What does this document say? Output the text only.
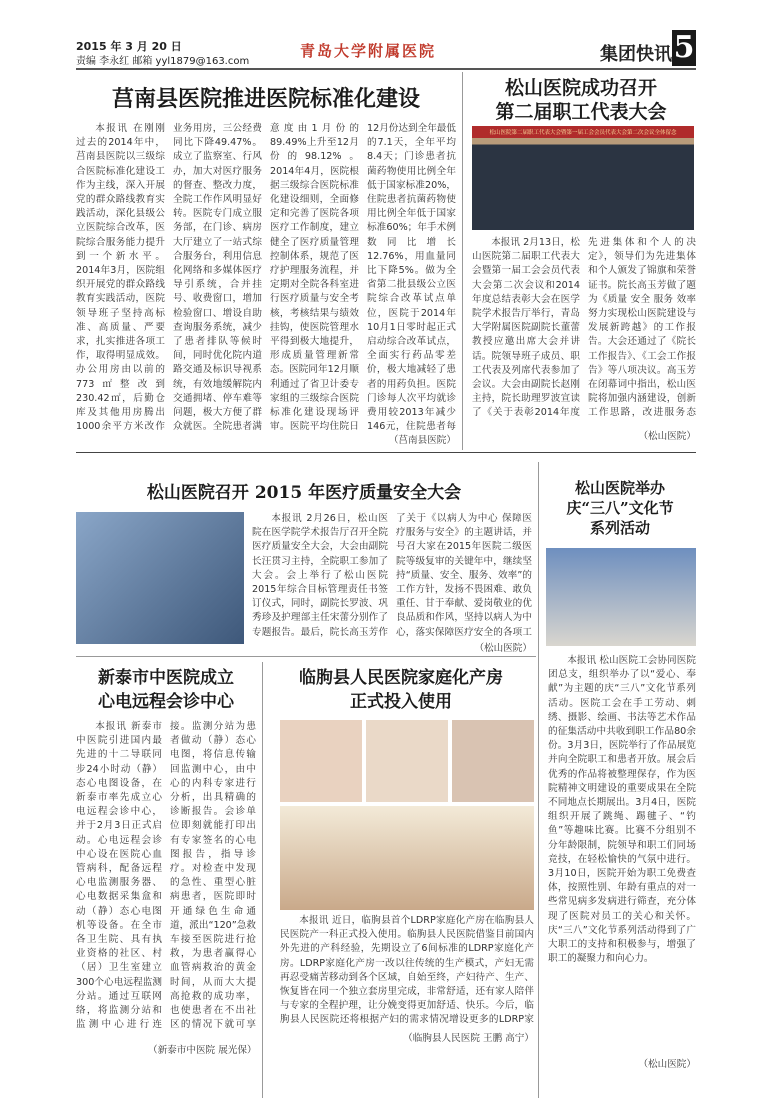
2015 年 3 月 20 日
责编 李永红 邮箱 yyl1879@163.com
青岛大学附属医院	集团快讯 5
莒南县医院推进医院标准化建设

本报讯 在刚刚过去的2014年中，莒南县医院以三级综合医院标准化建设工作为主线，深入开展党的群众路线教育实践活动，深化县级公立医院综合改革，医院综合服务能力提升到一个新水平。2014年3月，医院组织开展党的群众路线教育实践活动，医院领导班子坚持高标准、高质量、严要求，扎实推进各项工作，取得明显成效。办公用房由以前的773㎡整改到230.42㎡，后勤仓库及其他用房腾出1000余平方米改作业务用房，三公经费同比下降49.47%。成立了监察室、行风办，加大对医疗服务的督查、整改力度，全院工作作风明显好转。医院专门成立服务部，在门诊、病房大厅建立了一站式综合服务台，利用信息化网络和多媒体医疗导引系统，合并挂号、收费窗口，增加检验窗口、增设自助查询服务系统，减少了患者排队等候时间，同时优化院内道路交通及标识导视系统，有效地缓解院内交通拥堵、停车难等问题，极大方便了群众就医。全院患者满意度由1月份的89.49%上升至12月份的98.12%。2014年4月，医院根据三级综合医院标准化建设细则，全面修定和完善了医院各项医疗工作制度，建立健全了医疗质量管理控制体系，规范了医疗护理服务流程，并定期对全院各科室进行医疗质量与安全考核，考核结果与绩效挂钩，使医院管理水平得到极大地提升，形成质量管理新常态。医院同年12月顺利通过了省卫计委专家组的三级综合医院标准化建设现场评审。医院平均住院日12月份达到全年最低的7.1天，全年平均8.4天；门诊患者抗菌药物使用比例全年低于国家标准20%，住院患者抗菌药物使用比例全年低于国家标准60%；年手术例数同比增长12.76%，用血量同比下降5%。做为全省第二批县级公立医院综合改革试点单位，医院于2014年10月1日零时起正式启动综合改革试点，全面实行药品零差价，极大地减轻了患者的用药负担。医院门诊每人次平均就诊费用较2013年减少146元，住院患者每

（莒南县医院）
松山医院成功召开
第二届职工代表大会
松山医院第二届职工代表大会暨第一届工会会员代表大会第二次会议全体留念

本报讯 2月13日，松山医院第二届职工代表大会暨第一届工会会员代表大会第二次会议和2014年度总结表彰大会在医学院学术报告厅举行，青岛大学附属医院副院长董蕾教授应邀出席大会并讲话。院领导班子成员、职工代表及列席代表参加了会议。大会由副院长赵刚主持，院长助理罗波宣读了《关于表彰2014年度先进集体和个人的决定》，领导们为先进集体和个人颁发了锦旗和荣誉证书。院长高玉芳做了题为《质量 安全 服务 效率 努力实现松山医院建设与发展新跨越》的工作报告。大会还通过了《院长工作报告》、《工会工作报告》等八项决议。高玉芳在闭幕词中指出，松山医院将加强内涵建设，创新工作思路，改进服务态

（松山医院）
松山医院召开 2015 年医疗质量安全大会

本报讯 2月26日，松山医院在医学院学术报告厅召开全院医疗质量安全大会，大会由副院长汪贯习主持，全院职工参加了大会。会上举行了松山医院2015年综合目标管理责任书签订仪式，同时，副院长罗波、巩秀珍及护理部主任宋蕾分别作了专题报告。最后，院长高玉芳作了关于《以病人为中心 保障医疗服务与安全》的主题讲话，并号召大家在2015年医院二级医院等级复审的关键年中，继续坚持“质量、安全、服务、效率”的工作方针，发扬不畏困难、敢负重任、甘于奉献、爱岗敬业的优良品质和作风，坚持以病人为中心，落实保障医疗安全的各项工

（松山医院）
松山医院举办
庆“三八”文化节
系列活动

本报讯 松山医院工会协同医院团总支，组织举办了以“爱心、奉献”为主题的庆“三八”文化节系列活动。医院工会在手工劳动、刺绣、摄影、绘画、书法等艺术作品的征集活动中共收到职工作品80余份。3月3日，医院举行了作品展览并向全院职工和患者开放。展会后优秀的作品将被整理保存，作为医院精神文明建设的重要成果在全院不同地点长期展出。3月4日，医院组织开展了跳绳、踢毽子、“钓鱼”等趣味比赛。比赛不分组别不分年龄限制，院领导和职工们同场竞技，在轻松愉快的气氛中进行。3月10日，医院开始为职工免费查体，按照性别、年龄有重点的对一些常见病多发病进行筛查，充分体现了医院对员工的关心和关怀。庆“三八”文化节系列活动得到了广大职工的支持和积极参与，增强了职工的凝聚力和向心力。

（松山医院）
新泰市中医院成立
心电远程会诊中心

本报讯 新泰市中医院引进国内最先进的十二导联同步24小时动（静）态心电图设备，在新泰市率先成立心电远程会诊中心，并于2月3日正式启动。心电远程会诊中心设在医院心血管病科，配备远程心电监测服务器、心电数据采集盒和动（静）态心电图机等设备。在全市各卫生院、具有执业资格的社区、村（居）卫生室建立300个心电远程监测分站。通过互联网络，将监测分站和监测中心进行连接。监测分站为患者做动（静）态心电图，将信息传输回监测中心，由中心的内科专家进行分析，出具精确的诊断报告。会诊单位即刻就能打印出有专家签名的心电图报告，指导诊疗。对检查中发现的急性、重型心脏病患者，医院即时开通绿色生命通道，派出“120”急救车接至医院进行抢救，为患者赢得心血管病救治的黄金时间，从而大大提高抢救的成功率，也使患者在不出社区的情况下就可享

（新泰市中医院 展光保）
临朐县人民医院家庭化产房
正式投入使用

本报讯 近日，临朐县首个LDRP家庭化产房在临朐县人民医院产一科正式投入使用。临朐县人民医院借鉴目前国内外先进的产科经验，先期设立了6间标准的LDRP家庭化产房。LDRP家庭化产房一改以往传统的生产模式，产妇无需再忍受痛苦移动到各个区域，自始至终，产妇待产、生产、恢复皆在同一个独立套房里完成，非常舒适，还有家人陪伴与专家的全程护理，让分娩变得更加舒适、快乐。今后，临朐县人民医院还将根据产妇的需求情况增设更多的LDRP家

（临朐县人民医院 王鹏 高宁）
